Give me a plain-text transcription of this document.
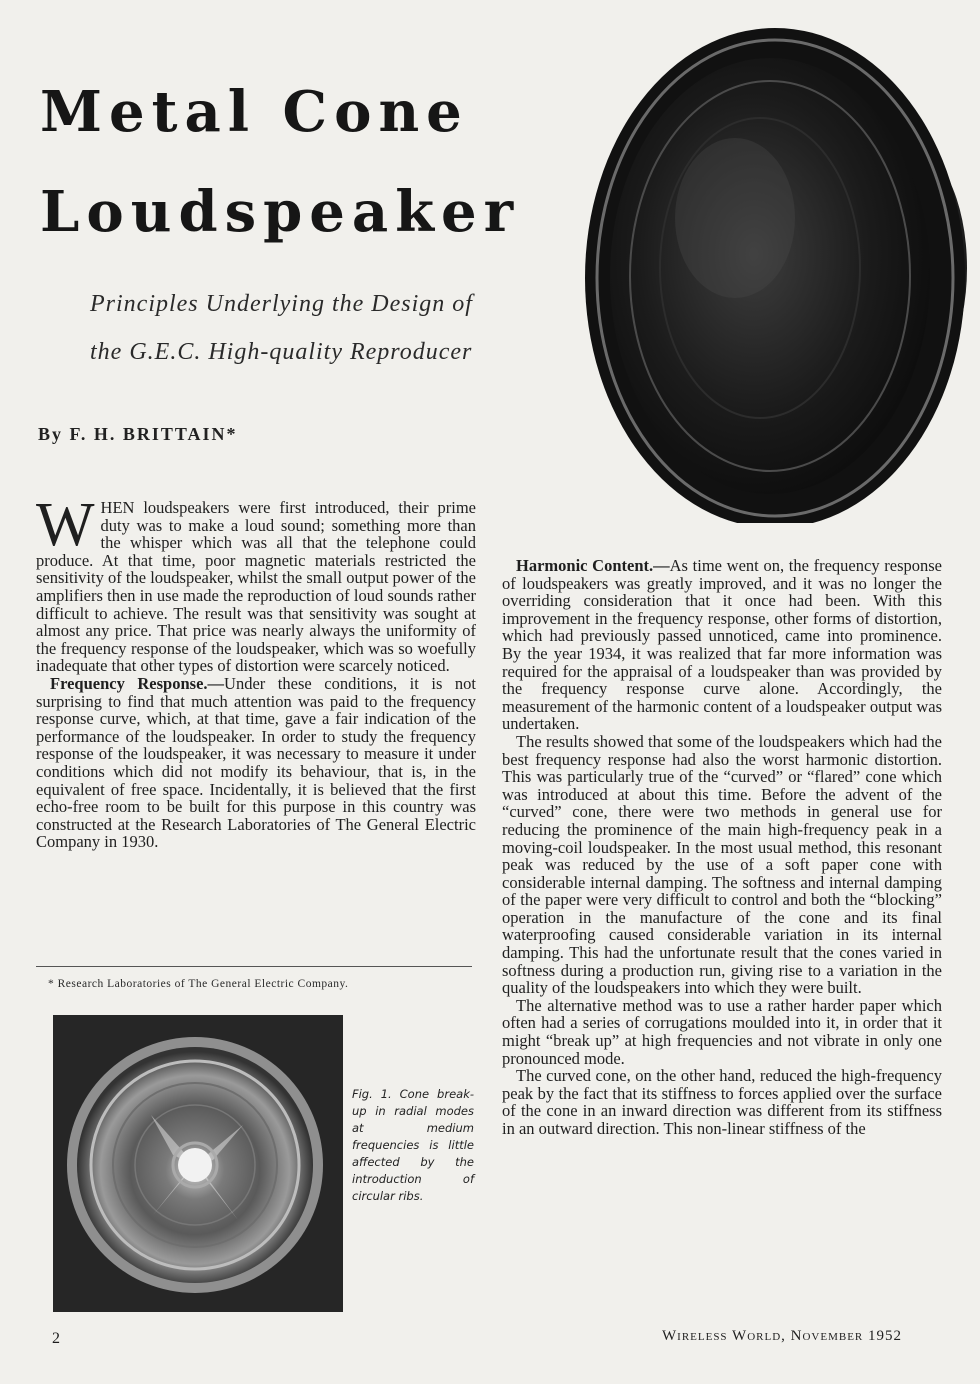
Metal Cone
Loudspeaker
Principles Underlying the Design of
the G.E.C. High-quality Reproducer
By F. H. BRITTAIN*

WHEN loudspeakers were first introduced, their prime duty was to make a loud sound; something more than the whisper which was all that the telephone could produce. At that time, poor magnetic materials restricted the sensitivity of the loudspeaker, whilst the small output power of the amplifiers then in use made the reproduction of loud sounds rather difficult to achieve. The result was that sensitivity was sought at almost any price. That price was nearly always the uniformity of the frequency response of the loudspeaker, which was so woefully inadequate that other types of distortion were scarcely noticed.

Frequency Response.—Under these conditions, it is not surprising to find that much attention was paid to the frequency response curve, which, at that time, gave a fair indication of the performance of the loudspeaker. In order to study the frequency response of the loudspeaker, it was necessary to measure it under conditions which did not modify its behaviour, that is, in the equivalent of free space. Incidentally, it is believed that the first echo-free room to be built for this purpose in this country was constructed at the Research Laboratories of The General Electric Company in 1930.

* Research Laboratories of The General Electric Company.
Fig. 1. Cone break-up in radial modes at medium frequencies is little affected by the introduction of circular ribs.

Harmonic Content.—As time went on, the frequency response of loudspeakers was greatly improved, and it was no longer the overriding consideration that it once had been. With this improvement in the frequency response, other forms of distortion, which had previously passed unnoticed, came into prominence. By the year 1934, it was realized that far more information was required for the appraisal of a loudspeaker than was provided by the frequency response curve alone. Accordingly, the measurement of the harmonic content of a loudspeaker output was undertaken.

The results showed that some of the loudspeakers which had the best frequency response had also the worst harmonic distortion. This was particularly true of the “curved” or “flared” cone which was introduced at about this time. Before the advent of the “curved” cone, there were two methods in general use for reducing the prominence of the main high-frequency peak in a moving-coil loudspeaker. In the most usual method, this resonant peak was reduced by the use of a soft paper cone with considerable internal damping. The softness and internal damping of the paper were very difficult to control and both the “blocking” operation in the manufacture of the cone and its final waterproofing caused considerable variation in its internal damping. This had the unfortunate result that the cones varied in softness during a production run, giving rise to a variation in the quality of the loudspeakers into which they were built.

The alternative method was to use a rather harder paper which often had a series of corrugations moulded into it, in order that it might “break up” at high frequencies and not vibrate in only one pronounced mode.

The curved cone, on the other hand, reduced the high-frequency peak by the fact that its stiffness to forces applied over the surface of the cone in an inward direction was different from its stiffness in an outward direction. This non-linear stiffness of the

2	Wireless World, November 1952
